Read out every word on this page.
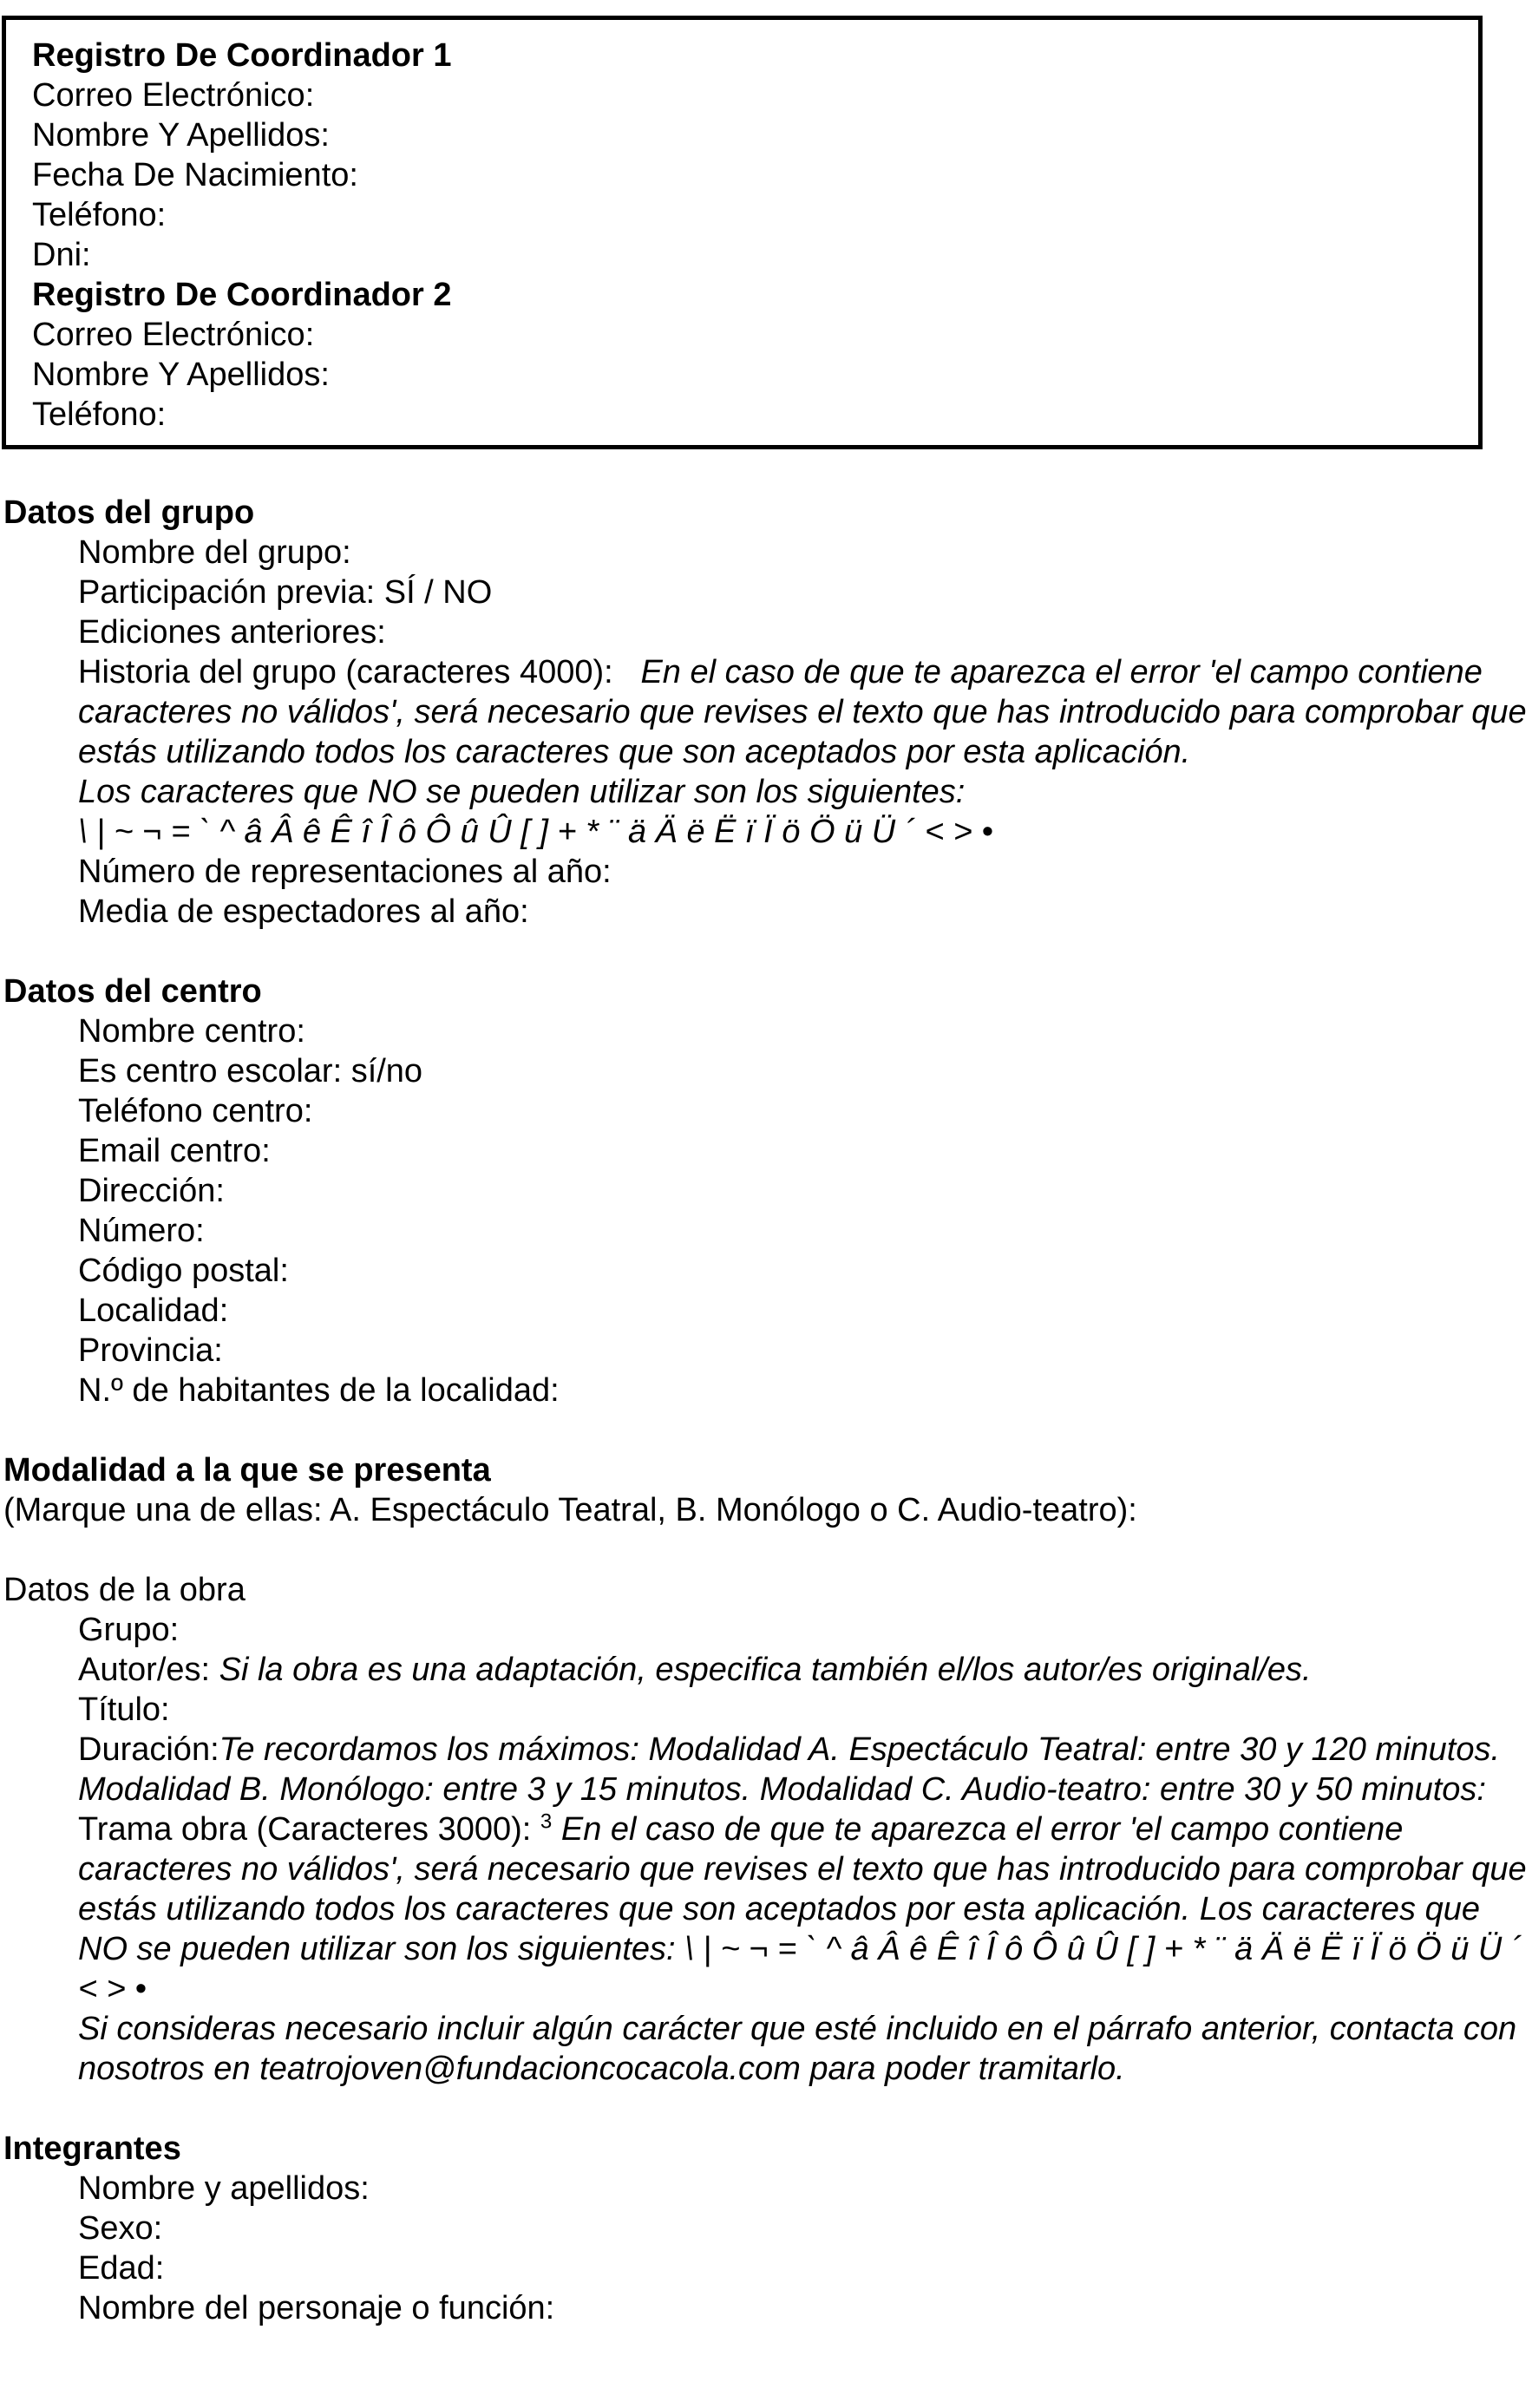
Registro De Coordinador 1
Correo Electrónico:
Nombre Y Apellidos:
Fecha De Nacimiento:
Teléfono:
Dni:
Registro De Coordinador 2
Correo Electrónico:
Nombre Y Apellidos:
Teléfono:
Datos del grupo
Nombre del grupo:
Participación previa: SÍ / NO
Ediciones anteriores:
Historia del grupo (caracteres 4000): En el caso de que te aparezca el error 'el campo contiene caracteres no válidos', será necesario que revises el texto que has introducido para comprobar que estás utilizando todos los caracteres que son aceptados por esta aplicación.
Los caracteres que NO se pueden utilizar son los siguientes:
\ | ~ ¬ = ` ^ â Â ê Ê î Î ô Ô û Û [ ] + * ¨ ä Ä ë Ë ï Ï ö Ö ü Ü ´ < > •
Número de representaciones al año:
Media de espectadores al año:
Datos del centro
Nombre centro:
Es centro escolar: sí/no
Teléfono centro:
Email centro:
Dirección:
Número:
Código postal:
Localidad:
Provincia:
N.º de habitantes de la localidad:
Modalidad a la que se presenta
(Marque una de ellas: A. Espectáculo Teatral, B. Monólogo o C. Audio-teatro):
Datos de la obra
Grupo:
Autor/es: Si la obra es una adaptación, especifica también el/los autor/es original/es.
Título:
Duración:Te recordamos los máximos: Modalidad A. Espectáculo Teatral: entre 30 y 120 minutos. Modalidad B. Monólogo: entre 3 y 15 minutos. Modalidad C. Audio-teatro: entre 30 y 50 minutos:
Trama obra (Caracteres 3000): $^3$ En el caso de que te aparezca el error 'el campo contiene caracteres no válidos', será necesario que revises el texto que has introducido para comprobar que estás utilizando todos los caracteres que son aceptados por esta aplicación. Los caracteres que NO se pueden utilizar son los siguientes: \ | ~ ¬ = ` ^ â Â ê Ê î Î ô Ô û Û [ ] + * ¨ ä Ä ë Ë ï Ï ö Ö ü Ü ´ < > •
Si consideras necesario incluir algún carácter que esté incluido en el párrafo anterior, contacta con nosotros en teatrojoven@fundacioncocacola.com para poder tramitarlo.
Integrantes
Nombre y apellidos:
Sexo:
Edad:
Nombre del personaje o función:
